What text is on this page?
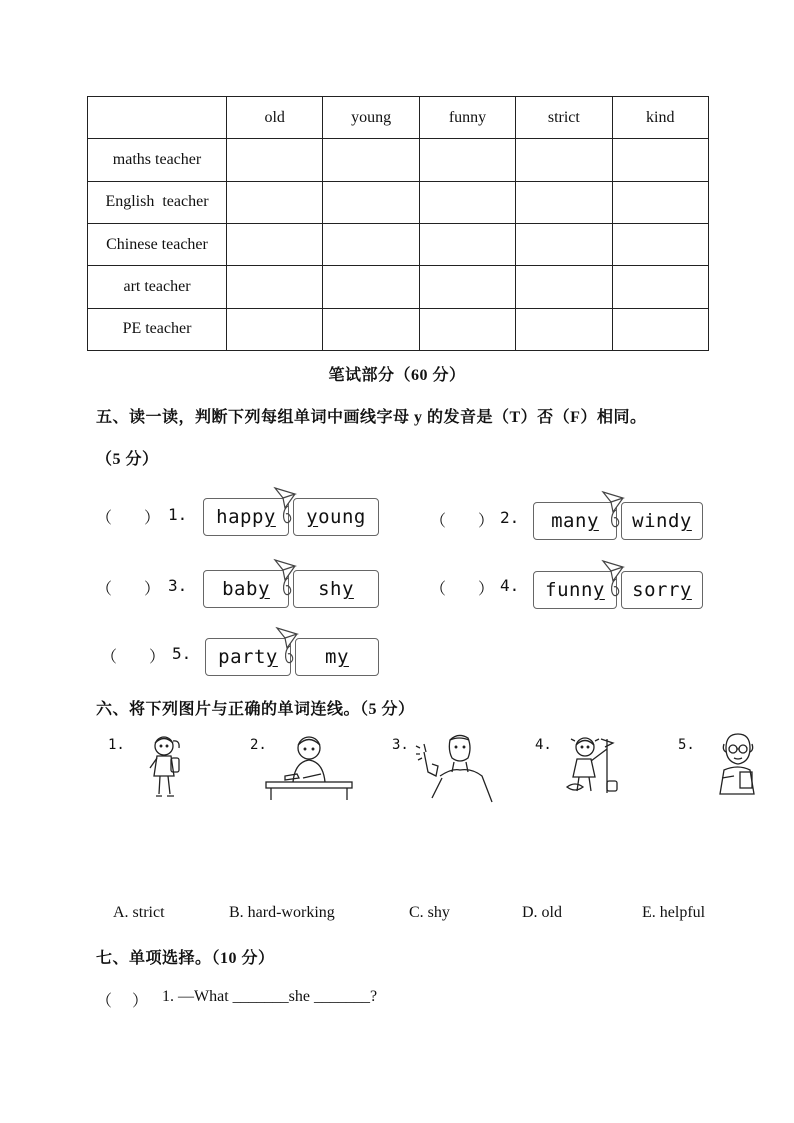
	old	young	funny	strict	kind
maths teacher					
English  teacher					
Chinese teacher					
art teacher					
PE teacher					
笔试部分（60 分）
五、读一读，判断下列每组单词中画线字母 y 的发音是（T）否（F）相同。
（5 分）
（　　） 1.	happy	young	（　　） 2.	many	windy
（　　） 3.	baby	shy	（　　） 4.	funny	sorry
（　　） 5.	party	my
六、将下列图片与正确的单词连线。（5 分）
1.	2.	3.	4.	5.
A. strict	B. hard-working	C. shy	D. old	E. helpful
七、单项选择。（10 分）
（　 ） 1. —What _______she _______?
